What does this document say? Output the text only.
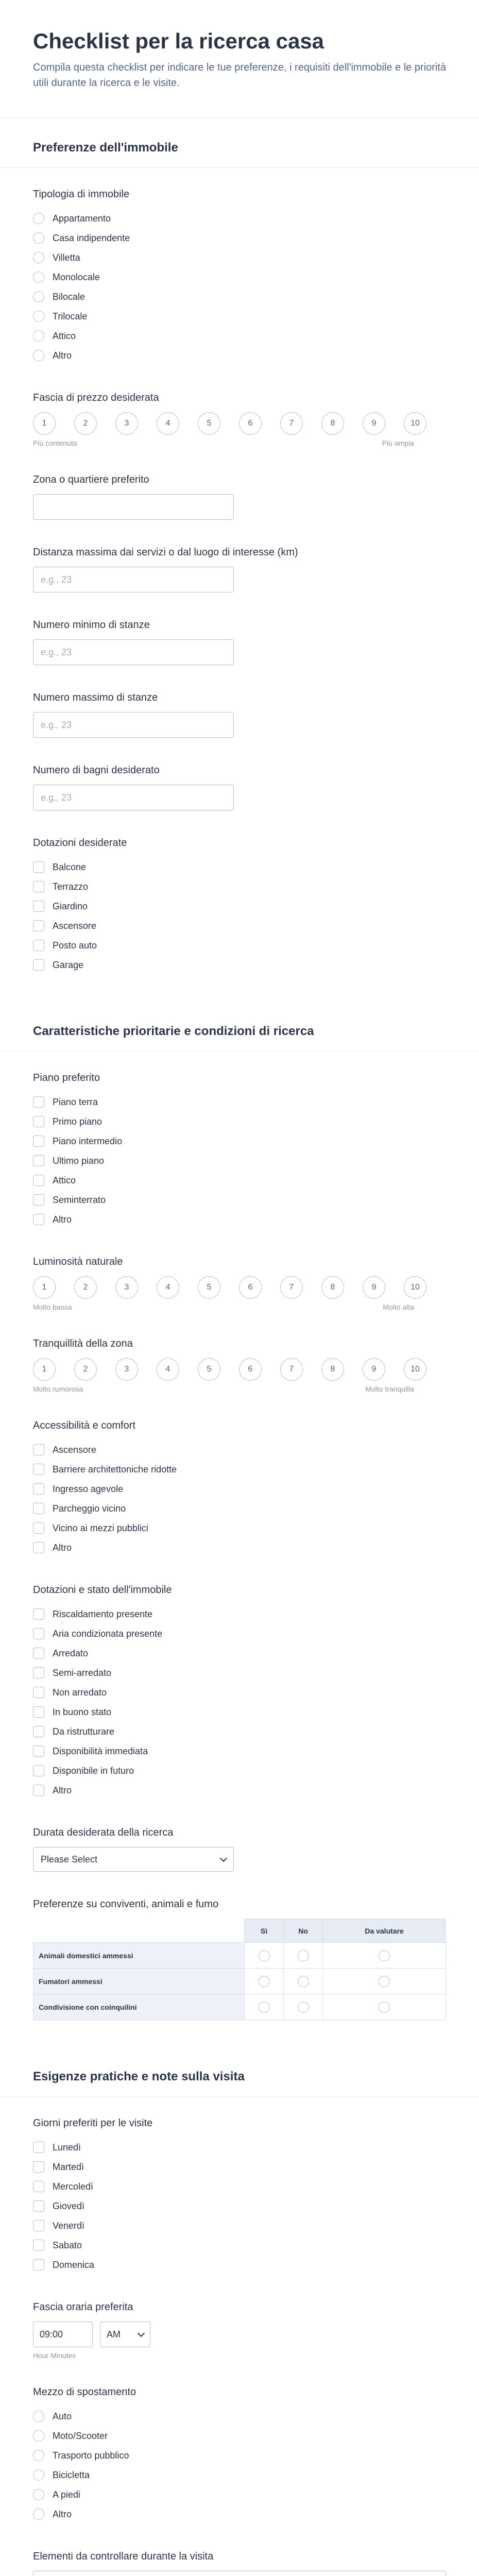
Checklist per la ricerca casa

Compila questa checklist per indicare le tue preferenze, i requisiti dell'immobile e le priorità utili durante la ricerca e le visite.

Preferenze dell'immobile
Tipologia di immobile
Appartamento
Casa indipendente
Villetta
Monolocale
Bilocale
Trilocale
Attico
Altro
Fascia di prezzo desiderata
1	2	3	4	5	6	7	8	9	10
Più contenuta	Più ampia
Zona o quartiere preferito
Distanza massima dai servizi o dal luogo di interesse (km)
e.g., 23
Numero minimo di stanze
e.g., 23
Numero massimo di stanze
e.g., 23
Numero di bagni desiderato
e.g., 23
Dotazioni desiderate
Balcone
Terrazzo
Giardino
Ascensore
Posto auto
Garage
Caratteristiche prioritarie e condizioni di ricerca
Piano preferito
Piano terra
Primo piano
Piano intermedio
Ultimo piano
Attico
Seminterrato
Altro
Luminosità naturale
1	2	3	4	5	6	7	8	9	10
Molto bassa	Molto alta
Tranquillità della zona
1	2	3	4	5	6	7	8	9	10
Molto rumorosa	Molto tranquilla
Accessibilità e comfort
Ascensore
Barriere architettoniche ridotte
Ingresso agevole
Parcheggio vicino
Vicino ai mezzi pubblici
Altro
Dotazioni e stato dell'immobile
Riscaldamento presente
Aria condizionata presente
Arredato
Semi-arredato
Non arredato
In buono stato
Da ristrutturare
Disponibilità immediata
Disponibile in futuro
Altro
Durata desiderata della ricerca
Please Select
Preferenze su conviventi, animali e fumo
	Sì	No	Da valutare
Animali domestici ammessi			
Fumatori ammessi			
Condivisione con coinquilini			
Esigenze pratiche e note sulla visita
Giorni preferiti per le visite
Lunedì
Martedì
Mercoledì
Giovedì
Venerdì
Sabato
Domenica
Fascia oraria preferita
09:00	AM
Hour Minutes
Mezzo di spostamento
Auto
Moto/Scooter
Trasporto pubblico
Bicicletta
A piedi
Altro
Elementi da controllare durante la visita
